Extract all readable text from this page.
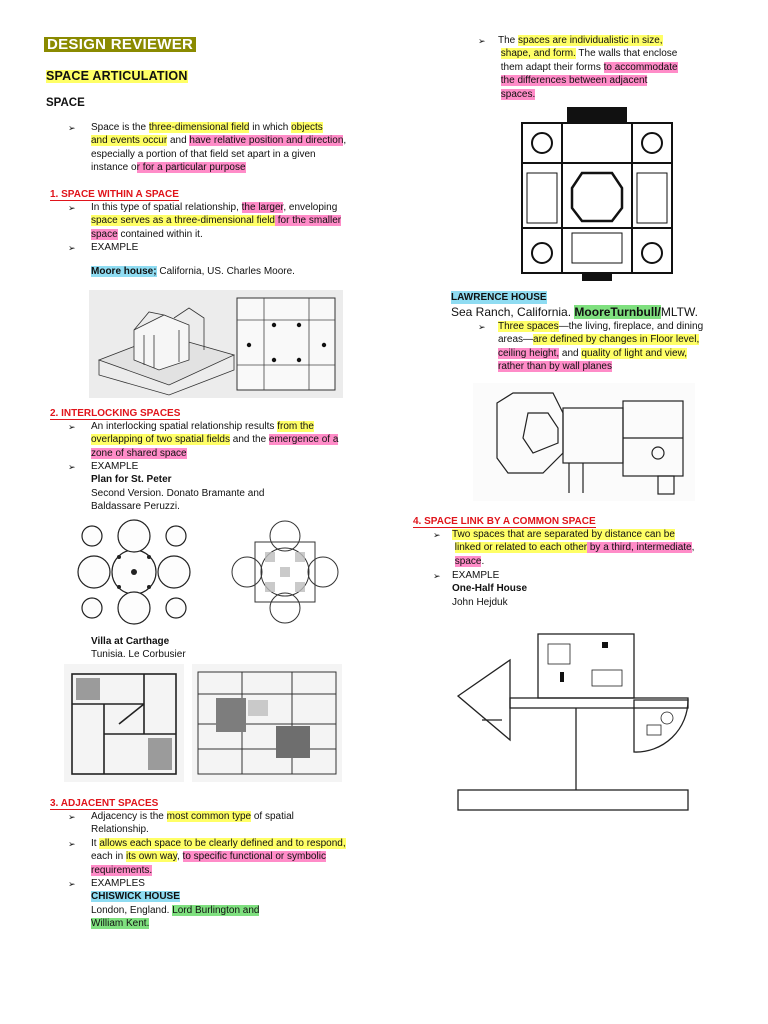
DESIGN REVIEWER
SPACE ARTICULATION
SPACE
➢ Space is the three-dimensional field in which objects
and events occur and have relative position and direction,
especially a portion of that field set apart in a given
instance or for a particular purpose
1. SPACE WITHIN A SPACE
➢ In this type of spatial relationship, the larger, enveloping
space serves as a three-dimensional field for the smaller
space contained within it.
➢ EXAMPLE
Moore house; California, US. Charles Moore.
2. INTERLOCKING SPACES
➢ An interlocking spatial relationship results from the
overlapping of two spatial fields and the emergence of a
zone of shared space
➢ EXAMPLE
Plan for St. Peter
Second Version. Donato Bramante and
Baldassare Peruzzi.
Villa at Carthage
Tunisia. Le Corbusier
3. ADJACENT SPACES
➢ Adjacency is the most common type of spatial
Relationship.
➢ It allows each space to be clearly defined and to respond,
each in its own way, to specific functional or symbolic
requirements.
➢ EXAMPLES
CHISWICK HOUSE
London, England. Lord Burlington and
William Kent.
➢ The spaces are individualistic in size,
shape, and form. The walls that enclose
them adapt their forms to accommodate
the differences between adjacent
spaces.
LAWRENCE HOUSE
Sea Ranch, California. MooreTurnbull/MLTW.
➢ Three spaces—the living, fireplace, and dining
areas—are defined by changes in Floor level,
ceiling height, and quality of light and view,
rather than by wall planes
4. SPACE LINK BY A COMMON SPACE
➢ Two spaces that are separated by distance can be
linked or related to each other by a third, intermediate,
space.
➢ EXAMPLE
One-Half House
John Hejduk
